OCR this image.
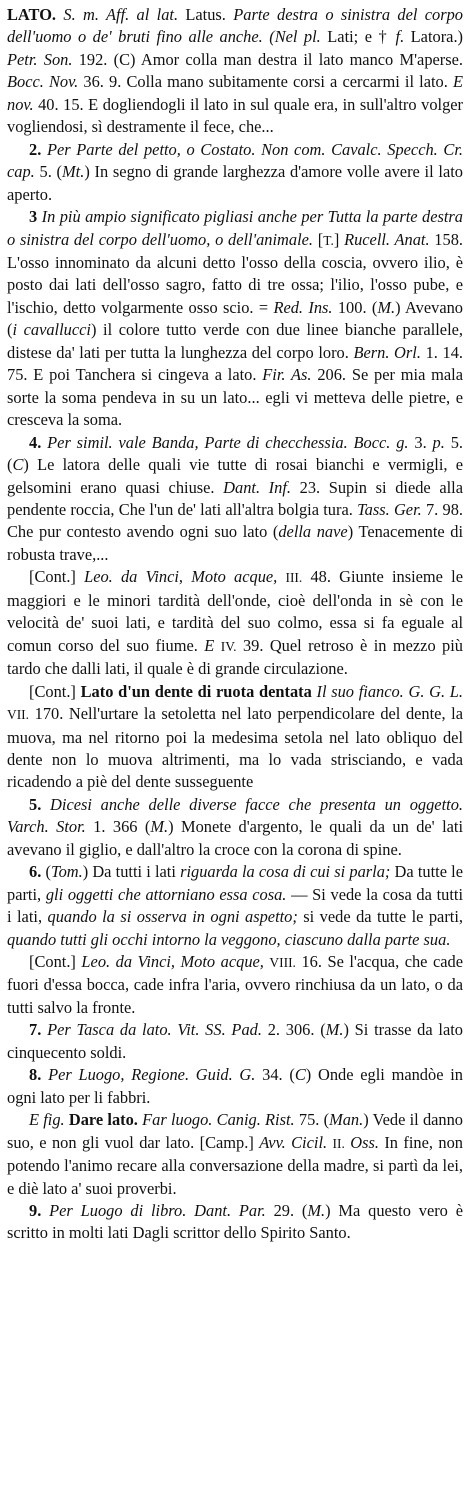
LATO. S. m. Aff. al lat. Latus. Parte destra o sinistra del corpo dell'uomo o de' bruti fino alle anche. (Nel pl. Lati; e † f. Latora.) Petr. Son. 192. (C) Amor colla man destra il lato manco M'aperse. Bocc. Nov. 36. 9. Colla mano subitamente corsi a cercarmi il lato. E nov. 40. 15. E dogliendogli il lato in sul quale era, in sull'altro volger vogliendosi, sì destramente il fece, che...

2. Per Parte del petto, o Costato. Non com. Cavalc. Specch. Cr. cap. 5. (Mt.) In segno di grande larghezza d'amore volle avere il lato aperto.

3 In più ampio significato pigliasi anche per Tutta la parte destra o sinistra del corpo dell'uomo, o dell'animale. [T.] Rucell. Anat. 158. L'osso innominato da alcuni detto l'osso della coscia, ovvero ilio, è posto dai lati dell'osso sagro, fatto di tre ossa; l'ilio, l'osso pube, e l'ischio, detto volgarmente osso scio. = Red. Ins. 100. (M.) Avevano (i cavallucci) il colore tutto verde con due linee bianche parallele, distese da' lati per tutta la lunghezza del corpo loro. Bern. Orl. 1. 14. 75. E poi Tanchera si cingeva a lato. Fir. As. 206. Se per mia mala sorte la soma pendeva in su un lato... egli vi metteva delle pietre, e cresceva la soma.

4. Per simil. vale Banda, Parte di checchessia. Bocc. g. 3. p. 5. (C) Le latora delle quali vie tutte di rosai bianchi e vermigli, e gelsomini erano quasi chiuse. Dant. Inf. 23. Supin si diede alla pendente roccia, Che l'un de' lati all'altra bolgia tura. Tass. Ger. 7. 98. Che pur contesto avendo ogni suo lato (della nave) Tenacemente di robusta trave,...

[Cont.] Leo. da Vinci, Moto acque, III. 48. Giunte insieme le maggiori e le minori tardità dell'onde, cioè dell'onda in sè con le velocità de' suoi lati, e tardità del suo colmo, essa si fa eguale al comun corso del suo fiume. E IV. 39. Quel retroso è in mezzo più tardo che dalli lati, il quale è di grande circulazione.

[Cont.] Lato d'un dente di ruota dentata Il suo fianco. G. G. L. VII. 170. Nell'urtare la setoletta nel lato perpendicolare del dente, la muova, ma nel ritorno poi la medesima setola nel lato obliquo del dente non lo muova altrimenti, ma lo vada strisciando, e vada ricadendo a piè del dente susseguente

5. Dicesi anche delle diverse facce che presenta un oggetto. Varch. Stor. 1. 366 (M.) Monete d'argento, le quali da un de' lati avevano il giglio, e dall'altro la croce con la corona di spine.

6. (Tom.) Da tutti i lati riguarda la cosa di cui si parla; Da tutte le parti, gli oggetti che attorniano essa cosa. — Si vede la cosa da tutti i lati, quando la si osserva in ogni aspetto; si vede da tutte le parti, quando tutti gli occhi intorno la veggono, ciascuno dalla parte sua.

[Cont.] Leo. da Vinci, Moto acque, VIII. 16. Se l'acqua, che cade fuori d'essa bocca, cade infra l'aria, ovvero rinchiusa da un lato, o da tutti salvo la fronte.

7. Per Tasca da lato. Vit. SS. Pad. 2. 306. (M.) Si trasse da lato cinquecento soldi.

8. Per Luogo, Regione. Guid. G. 34. (C) Onde egli mandòe in ogni lato per li fabbri.

E fig. Dare lato. Far luogo. Canig. Rist. 75. (Man.) Vede il danno suo, e non gli vuol dar lato. [Camp.] Avv. Cicil. II. Oss. In fine, non potendo l'animo recare alla conversazione della madre, si partì da lei, e diè lato a' suoi proverbi.

9. Per Luogo di libro. Dant. Par. 29. (M.) Ma questo vero è scritto in molti lati Dagli scrittor dello Spirito Santo.
